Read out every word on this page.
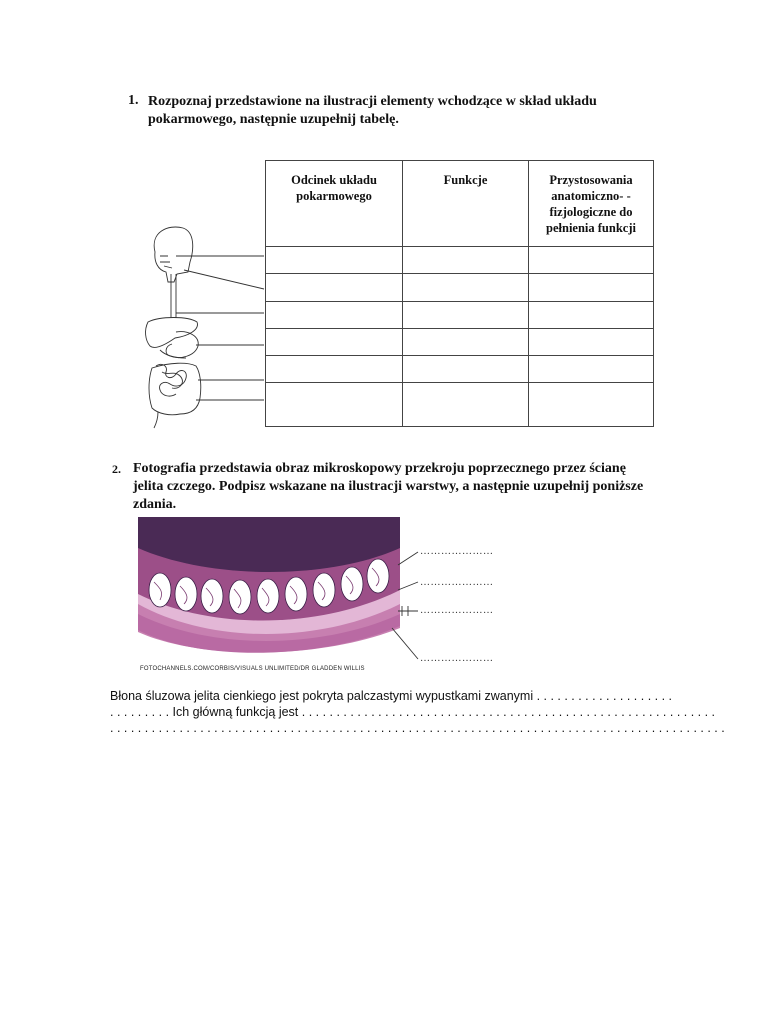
1. Rozpoznaj przedstawione na ilustracji elementy wchodzące w skład układu pokarmowego, następnie uzupełnij tabelę.
Odcinek układu pokarmowego	Funkcje	Przystosowania anatomiczno- -fizjologiczne do pełnienia funkcji

2. Fotografia przedstawia obraz mikroskopowy przekroju poprzecznego przez ścianę jelita czczego. Podpisz wskazane na ilustracji warstwy, a następnie uzupełnij poniższe zdania.
FOTOCHANNELS.COM/CORBIS/VISUALS UNLIMITED/DR GLADDEN WILLIS
…………………
…………………
…………………
…………………
Błona śluzowa jelita cienkiego jest pokryta palczastymi wypustkami zwanymi . . . . . . . . . . . . . . . . . . . .
. . . . . . . . . Ich główną funkcją jest . . . . . . . . . . . . . . . . . . . . . . . . . . . . . . . . . . . . . . . . . . . . . . . . . . . . . . . . . . . .
. . . . . . . . . . . . . . . . . . . . . . . . . . . . . . . . . . . . . . . . . . . . . . . . . . . . . . . . . . . . . . . . . . . . . . . . . . . . . . . . . . . . . . . . .
